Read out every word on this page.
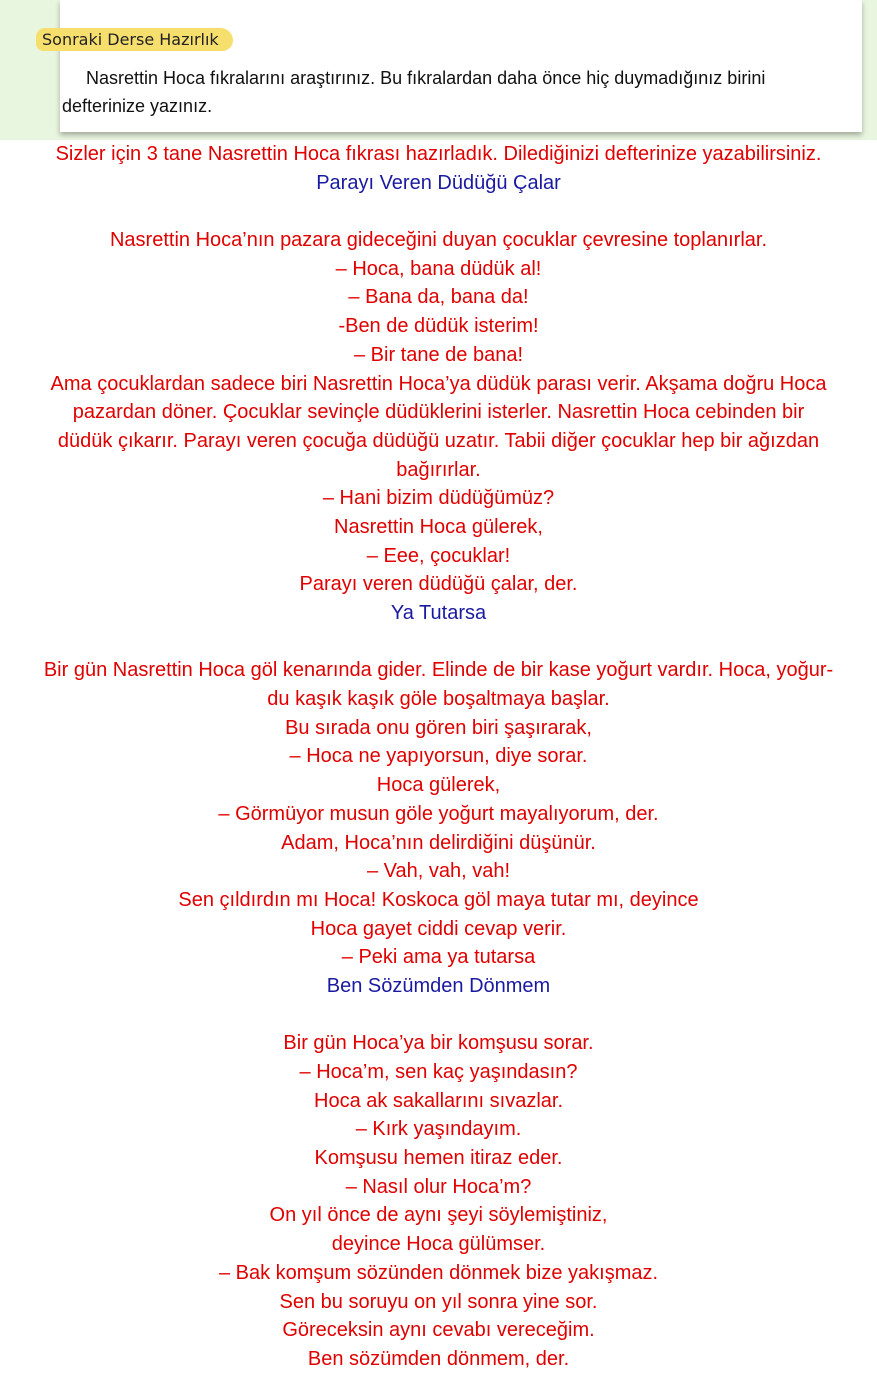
Sonraki Derse Hazırlık
Nasrettin Hoca fıkralarını araştırınız. Bu fıkralardan daha önce hiç duymadığınız birini defterinize yazınız.
Sizler için 3 tane Nasrettin Hoca fıkrası hazırladık. Dilediğinizi defterinize yazabilirsiniz.
Parayı Veren Düdüğü Çalar
Nasrettin Hoca’nın pazara gideceğini duyan çocuklar çevresine toplanırlar.
– Hoca, bana düdük al!
– Bana da, bana da!
-Ben de düdük isterim!
– Bir tane de bana!
Ama çocuklardan sadece biri Nasrettin Hoca’ya düdük parası verir. Akşama doğru Hoca
pazardan döner. Çocuklar sevinçle düdüklerini isterler. Nasrettin Hoca cebinden bir
düdük çıkarır. Parayı veren çocuğa düdüğü uzatır. Tabii diğer çocuklar hep bir ağızdan
bağırırlar.
– Hani bizim düdüğümüz?
Nasrettin Hoca gülerek,
– Eee, çocuklar!
Parayı veren düdüğü çalar, der.
Ya Tutarsa
Bir gün Nasrettin Hoca göl kenarında gider. Elinde de bir kase yoğurt vardır. Hoca, yoğur-
du kaşık kaşık göle boşaltmaya başlar.
Bu sırada onu gören biri şaşırarak,
– Hoca ne yapıyorsun, diye sorar.
Hoca gülerek,
– Görmüyor musun göle yoğurt mayalıyorum, der.
Adam, Hoca’nın delirdiğini düşünür.
– Vah, vah, vah!
Sen çıldırdın mı Hoca! Koskoca göl maya tutar mı, deyince
Hoca gayet ciddi cevap verir.
– Peki ama ya tutarsa
Ben Sözümden Dönmem
Bir gün Hoca’ya bir komşusu sorar.
– Hoca’m, sen kaç yaşındasın?
Hoca ak sakallarını sıvazlar.
– Kırk yaşındayım.
Komşusu hemen itiraz eder.
– Nasıl olur Hoca’m?
On yıl önce de aynı şeyi söylemiştiniz,
deyince Hoca gülümser.
– Bak komşum sözünden dönmek bize yakışmaz.
Sen bu soruyu on yıl sonra yine sor.
Göreceksin aynı cevabı vereceğim.
Ben sözümden dönmem, der.
